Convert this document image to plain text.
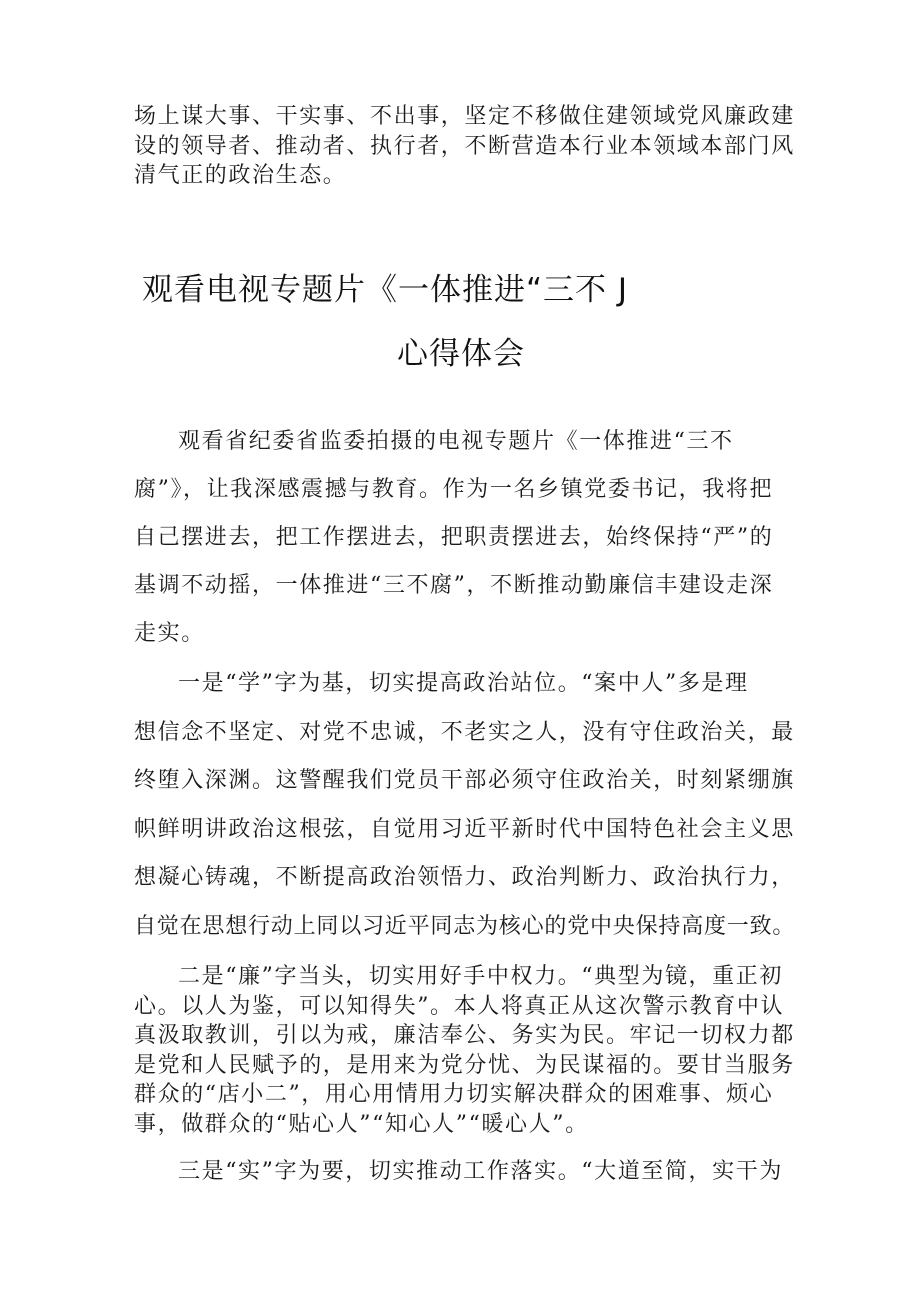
场上谋大事、干实事、不出事，坚定不移做住建领域党风廉政建
设的领导者、推动者、执行者，不断营造本行业本领域本部门风
清气正的政治生态。

观看电视专题片《一体推进“三不 J
心得体会

观看省纪委省监委拍摄的电视专题片《一体推进“三不
腐”》，让我深感震撼与教育。作为一名乡镇党委书记，我将把
自己摆进去，把工作摆进去，把职责摆进去，始终保持“严”的
基调不动摇，一体推进“三不腐”，不断推动勤廉信丰建设走深
走实。

一是“学”字为基，切实提高政治站位。“案中人”多是理
想信念不坚定、对党不忠诚，不老实之人，没有守住政治关，最
终堕入深渊。这警醒我们党员干部必须守住政治关，时刻紧绷旗
帜鲜明讲政治这根弦，自觉用习近平新时代中国特色社会主义思
想凝心铸魂，不断提高政治领悟力、政治判断力、政治执行力，
自觉在思想行动上同以习近平同志为核心的党中央保持高度一致。

二是“廉”字当头，切实用好手中权力。“典型为镜，重正初
心。以人为鉴，可以知得失”。本人将真正从这次警示教育中认
真汲取教训，引以为戒，廉洁奉公、务实为民。牢记一切权力都
是党和人民赋予的，是用来为党分忧、为民谋福的。要甘当服务
群众的“店小二”，用心用情用力切实解决群众的困难事、烦心
事，做群众的“贴心人”“知心人”“暖心人”。

三是“实”字为要，切实推动工作落实。“大道至简，实干为
